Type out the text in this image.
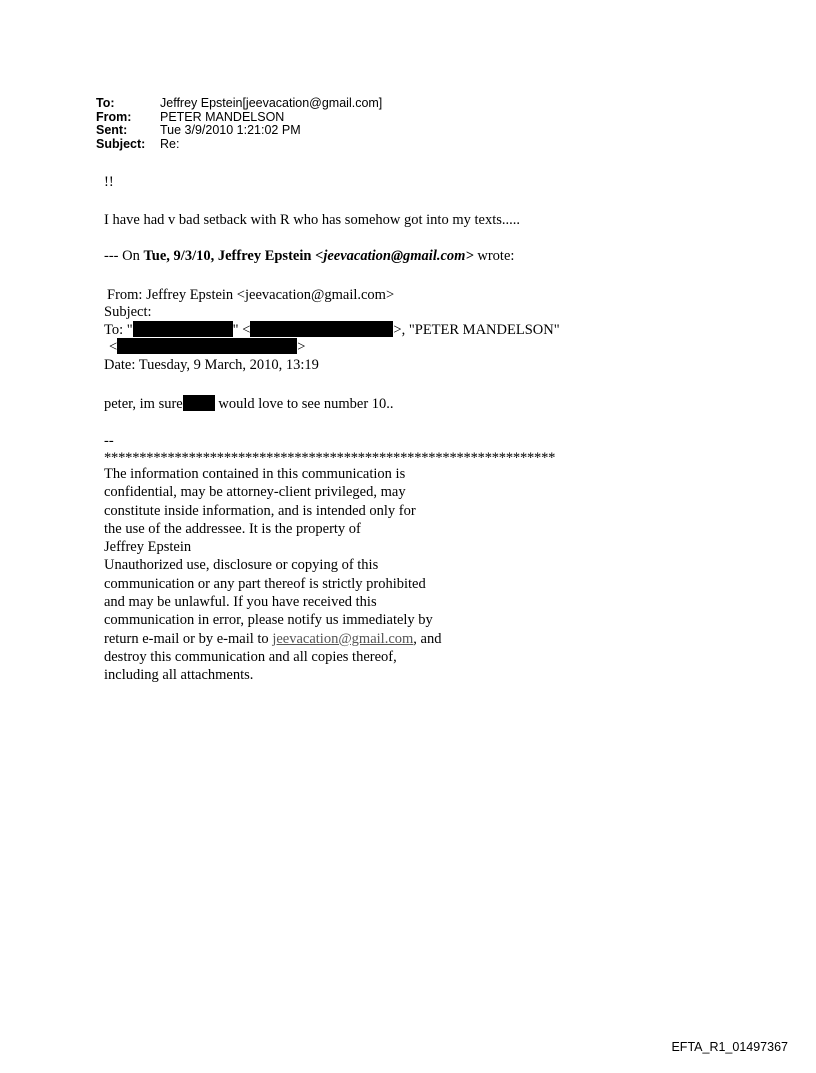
To:	Jeffrey Epstein[jeevacation@gmail.com]
From:	PETER MANDELSON
Sent:	Tue 3/9/2010 1:21:02 PM
Subject:	Re:
!!
I have had v bad setback with R who has somehow got into my texts.....
--- On Tue, 9/3/10, Jeffrey Epstein <jeevacation@gmail.com> wrote:
From: Jeffrey Epstein <jeevacation@gmail.com>
Subject:
To: "	" <	>, "PETER MANDELSON"
<	>
Date: Tuesday, 9 March, 2010, 13:19
peter, im sure would love to see number 10..
--
****************************************************************
The information contained in this communication is
confidential, may be attorney-client privileged, may
constitute inside information, and is intended only for
the use of the addressee. It is the property of
Jeffrey Epstein
Unauthorized use, disclosure or copying of this
communication or any part thereof is strictly prohibited
and may be unlawful. If you have received this
communication in error, please notify us immediately by
return e-mail or by e-mail to jeevacation@gmail.com, and
destroy this communication and all copies thereof,
including all attachments.
EFTA_R1_01497367
